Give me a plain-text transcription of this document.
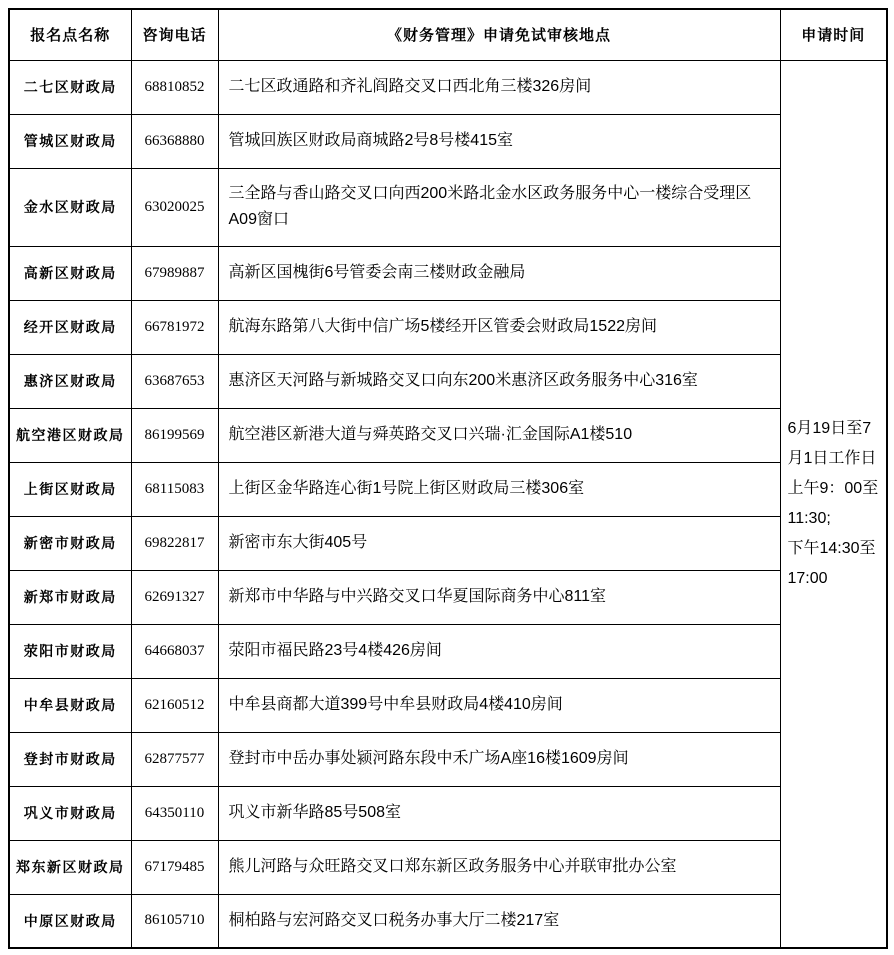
报名点名称	咨询电话	《财务管理》申请免试审核地点	申请时间
二七区财政局	68810852	二七区政通路和齐礼阎路交叉口西北角三楼326房间	6月19日至7月1日工作日
上午9：00至11:30;
下午14:30至17:00

管城区财政局	66368880	管城回族区财政局商城路2号8号楼415室	
金水区财政局	63020025	三全路与香山路交叉口向西200米路北金水区政务服务中心一楼综合受理区A09窗口	
高新区财政局	67989887	高新区国槐街6号管委会南三楼财政金融局	
经开区财政局	66781972	航海东路第八大街中信广场5楼经开区管委会财政局1522房间	
惠济区财政局	63687653	惠济区天河路与新城路交叉口向东200米惠济区政务服务中心316室	
航空港区财政局	86199569	航空港区新港大道与舜英路交叉口兴瑞·汇金国际A1楼510	
上街区财政局	68115083	上街区金华路连心街1号院上街区财政局三楼306室	
新密市财政局	69822817	新密市东大街405号	
新郑市财政局	62691327	新郑市中华路与中兴路交叉口华夏国际商务中心811室	
荥阳市财政局	64668037	荥阳市福民路23号4楼426房间	
中牟县财政局	62160512	中牟县商都大道399号中牟县财政局4楼410房间	
登封市财政局	62877577	登封市中岳办事处颍河路东段中禾广场A座16楼1609房间	
巩义市财政局	64350110	巩义市新华路85号508室	
郑东新区财政局	67179485	熊儿河路与众旺路交叉口郑东新区政务服务中心并联审批办公室	
中原区财政局	86105710	桐柏路与宏河路交叉口税务办事大厅二楼217室	
